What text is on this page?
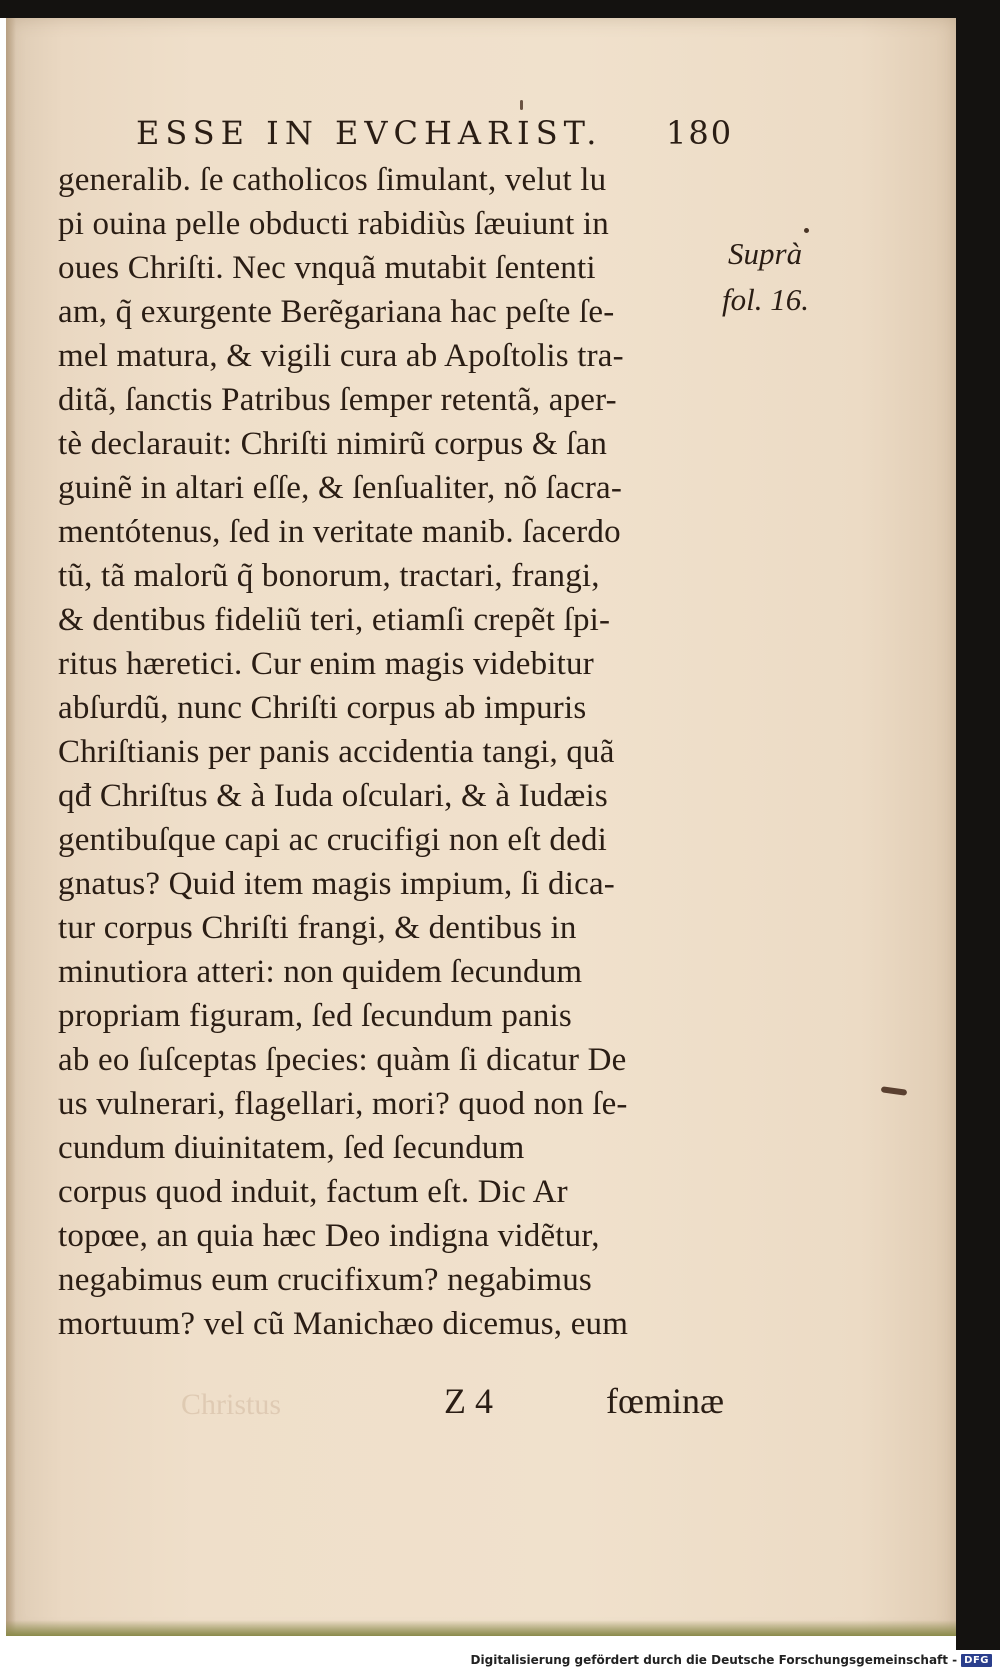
ESSE IN EVCHARIST. 180
generalib. ſe catholicos ſimulant, velut lu
pi ouina pelle obducti rabidiùs ſæuiunt in
oues Chriſti. Nec vnquã mutabit ſententi
am, q̃ exurgente Berẽgariana hac peſte ſe-
mel matura, & vigili cura ab Apoſtolis tra-
ditã, ſanctis Patribus ſemper retentã, aper-
tè declarauit: Chriſti nimirũ corpus & ſan
guinẽ in altari eſſe, & ſenſualiter, nõ ſacra-
mentótenus, ſed in veritate manib. ſacerdo
tũ, tã malorũ q̃ bonorum, tractari, frangi,
& dentibus fideliũ teri, etiamſi crepẽt ſpi-
ritus hæretici. Cur enim magis videbitur
abſurdũ, nunc Chriſti corpus ab impuris
Chriſtianis per panis accidentia tangi, quã
qđ Chriſtus & à Iuda oſculari, & à Iudæis
gentibuſque capi ac crucifigi non eſt dedi
gnatus? Quid item magis impium, ſi dica-
tur corpus Chriſti frangi, & dentibus in
minutiora atteri: non quidem ſecundum
propriam figuram, ſed ſecundum panis
ab eo ſuſceptas ſpecies: quàm ſi dicatur De
us vulnerari, flagellari, mori? quod non ſe-
cundum diuinitatem, ſed ſecundum
corpus quod induit, factum eſt. Dic Ar
topœe, an quia hæc Deo indigna vidẽtur,
negabimus eum crucifixum? negabimus
mortuum? vel cũ Manichæo dicemus, eum
Suprà
fol. 16.
Christus	Z 4	fœminæ
Digitalisierung gefördert durch die Deutsche Forschungsgemeinschaft - DFG
